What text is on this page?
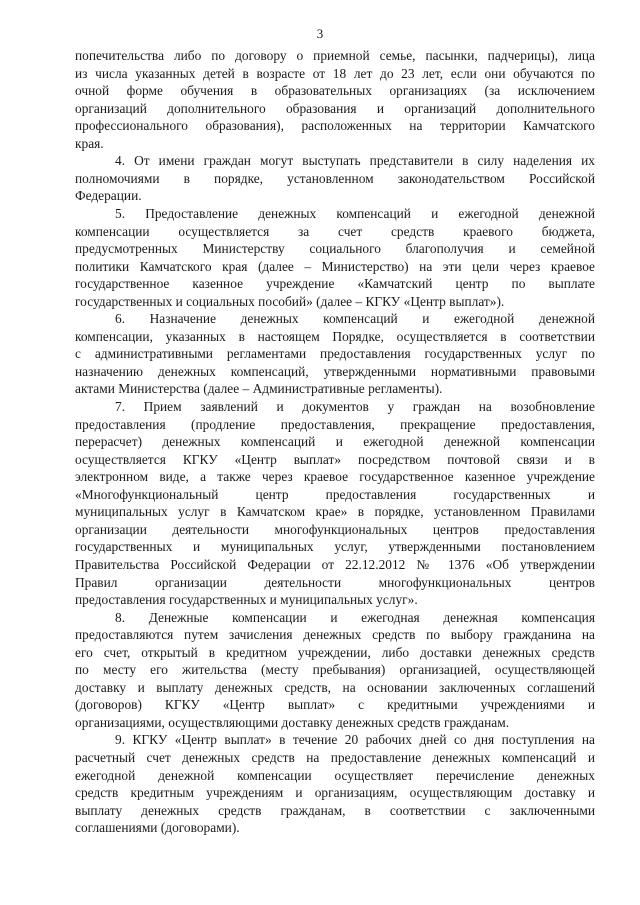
3
попечительства либо по договору о приемной семье, пасынки, падчерицы), лица
из числа указанных детей в возрасте от 18 лет до 23 лет, если они обучаются по
очной форме обучения в образовательных организациях (за исключением
организаций дополнительного образования и организаций дополнительного
профессионального образования), расположенных на территории Камчатского
края.
4. От имени граждан могут выступать представители в силу наделения их
полномочиями в порядке, установленном законодательством Российской
Федерации.
5. Предоставление денежных компенсаций и ежегодной денежной
компенсации осуществляется за счет средств краевого бюджета,
предусмотренных Министерству социального благополучия и семейной
политики Камчатского края (далее – Министерство) на эти цели через краевое
государственное казенное учреждение «Камчатский центр по выплате
государственных и социальных пособий» (далее – КГКУ «Центр выплат»).
6. Назначение денежных компенсаций и ежегодной денежной
компенсации, указанных в настоящем Порядке, осуществляется в соответствии
с административными регламентами предоставления государственных услуг по
назначению денежных компенсаций, утвержденными нормативными правовыми
актами Министерства (далее – Административные регламенты).
7. Прием заявлений и документов у граждан на возобновление
предоставления (продление предоставления, прекращение предоставления,
перерасчет) денежных компенсаций и ежегодной денежной компенсации
осуществляется КГКУ «Центр выплат» посредством почтовой связи и в
электронном виде, а также через краевое государственное казенное учреждение
«Многофункциональный центр предоставления государственных и
муниципальных услуг в Камчатском крае» в порядке, установленном Правилами
организации деятельности многофункциональных центров предоставления
государственных и муниципальных услуг, утвержденными постановлением
Правительства Российской Федерации от 22.12.2012 № 1376 «Об утверждении
Правил организации деятельности многофункциональных центров
предоставления государственных и муниципальных услуг».
8. Денежные компенсации и ежегодная денежная компенсация
предоставляются путем зачисления денежных средств по выбору гражданина на
его счет, открытый в кредитном учреждении, либо доставки денежных средств
по месту его жительства (месту пребывания) организацией, осуществляющей
доставку и выплату денежных средств, на основании заключенных соглашений
(договоров) КГКУ «Центр выплат» с кредитными учреждениями и
организациями, осуществляющими доставку денежных средств гражданам.
9. КГКУ «Центр выплат» в течение 20 рабочих дней со дня поступления на
расчетный счет денежных средств на предоставление денежных компенсаций и
ежегодной денежной компенсации осуществляет перечисление денежных
средств кредитным учреждениям и организациям, осуществляющим доставку и
выплату денежных средств гражданам, в соответствии с заключенными
соглашениями (договорами).
